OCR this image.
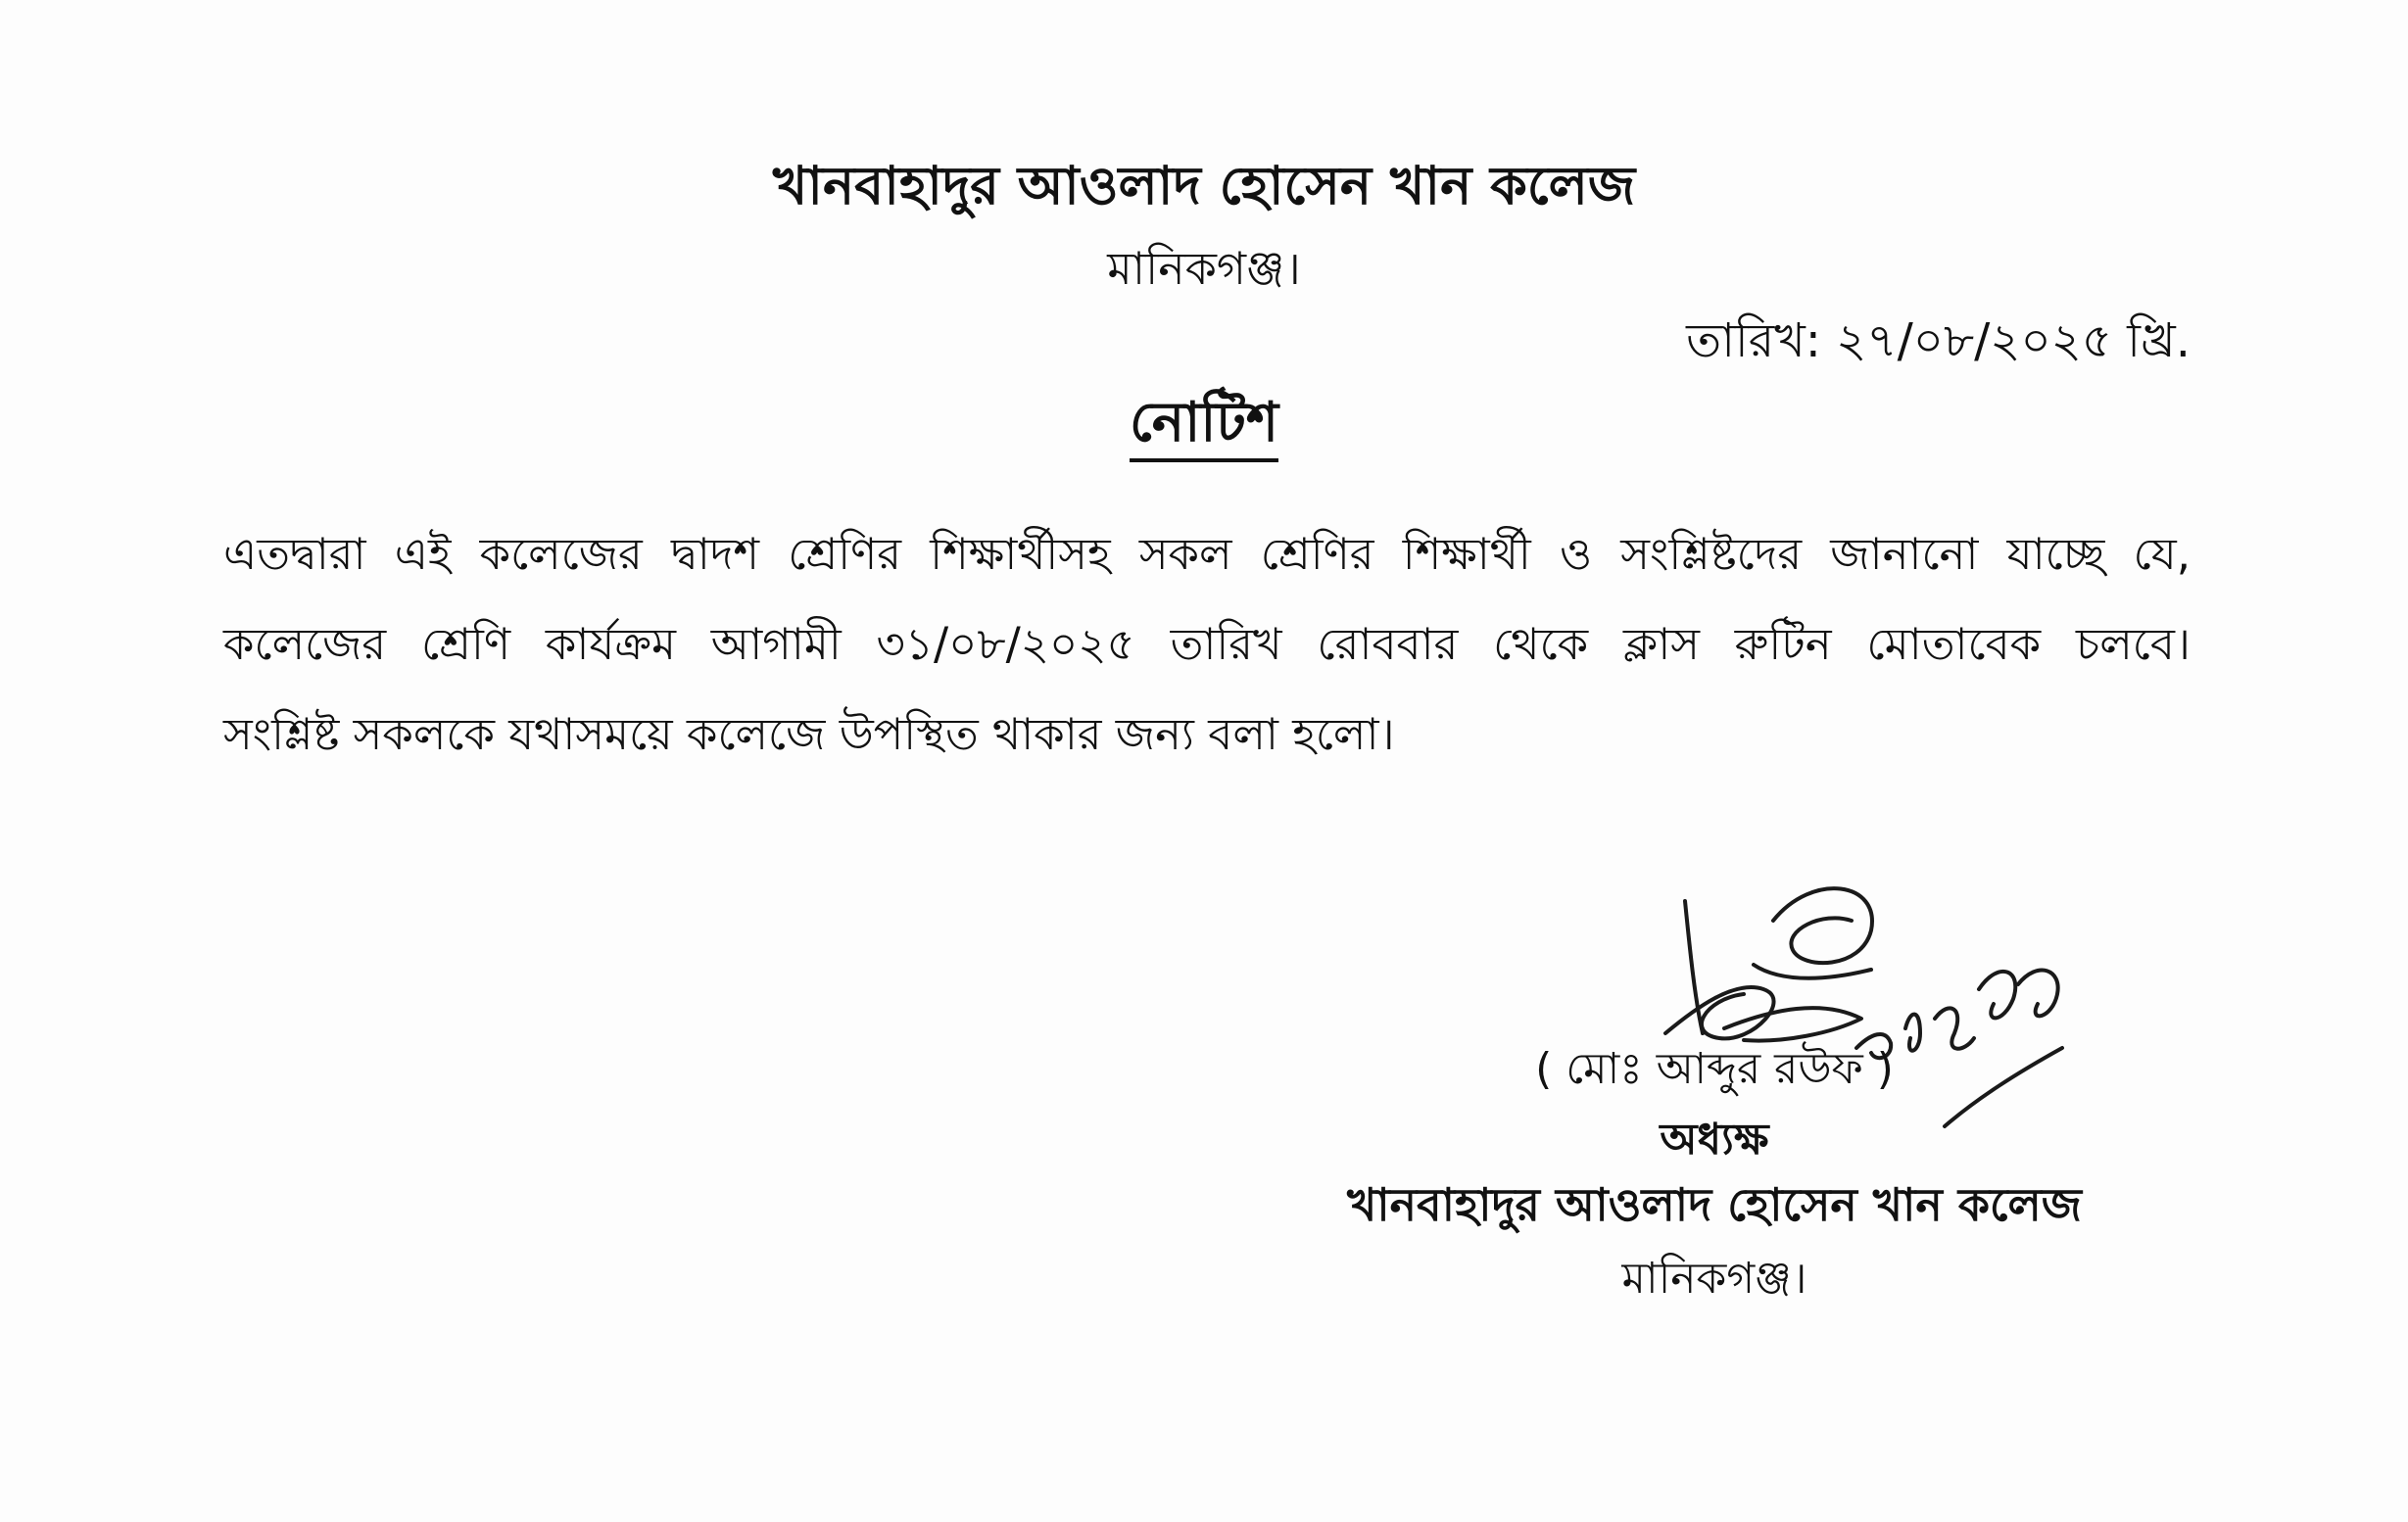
খানবাহাদুর আওলাদ হোসেন খান কলেজ
মানিকগঞ্জ।
তারিখ: ২৭/০৮/২০২৫ খ্রি.
নোটিশ
এতদ্বারা এই কলেজের দ্বাদশ শ্রেণির শিক্ষার্থীসহ সকল শ্রেণির শিক্ষার্থী ও সংশ্লিষ্টদের জানানো যাচ্ছে যে,
কলেজের শ্রেণি কার্যক্রম আগামী ৩১/০৮/২০২৫ তারিখ রোববার থেকে ক্লাস রুটিন মোতাবেক চলবে।
সংশ্লিষ্ট সকলকে যথাসময়ে কলেজে উপস্থিত থাকার জন্য বলা হলো।
( মোঃ আব্দুর রউফ )
অধ্যক্ষ
খানবাহাদুর আওলাদ হোসেন খান কলেজ
মানিকগঞ্জ।
